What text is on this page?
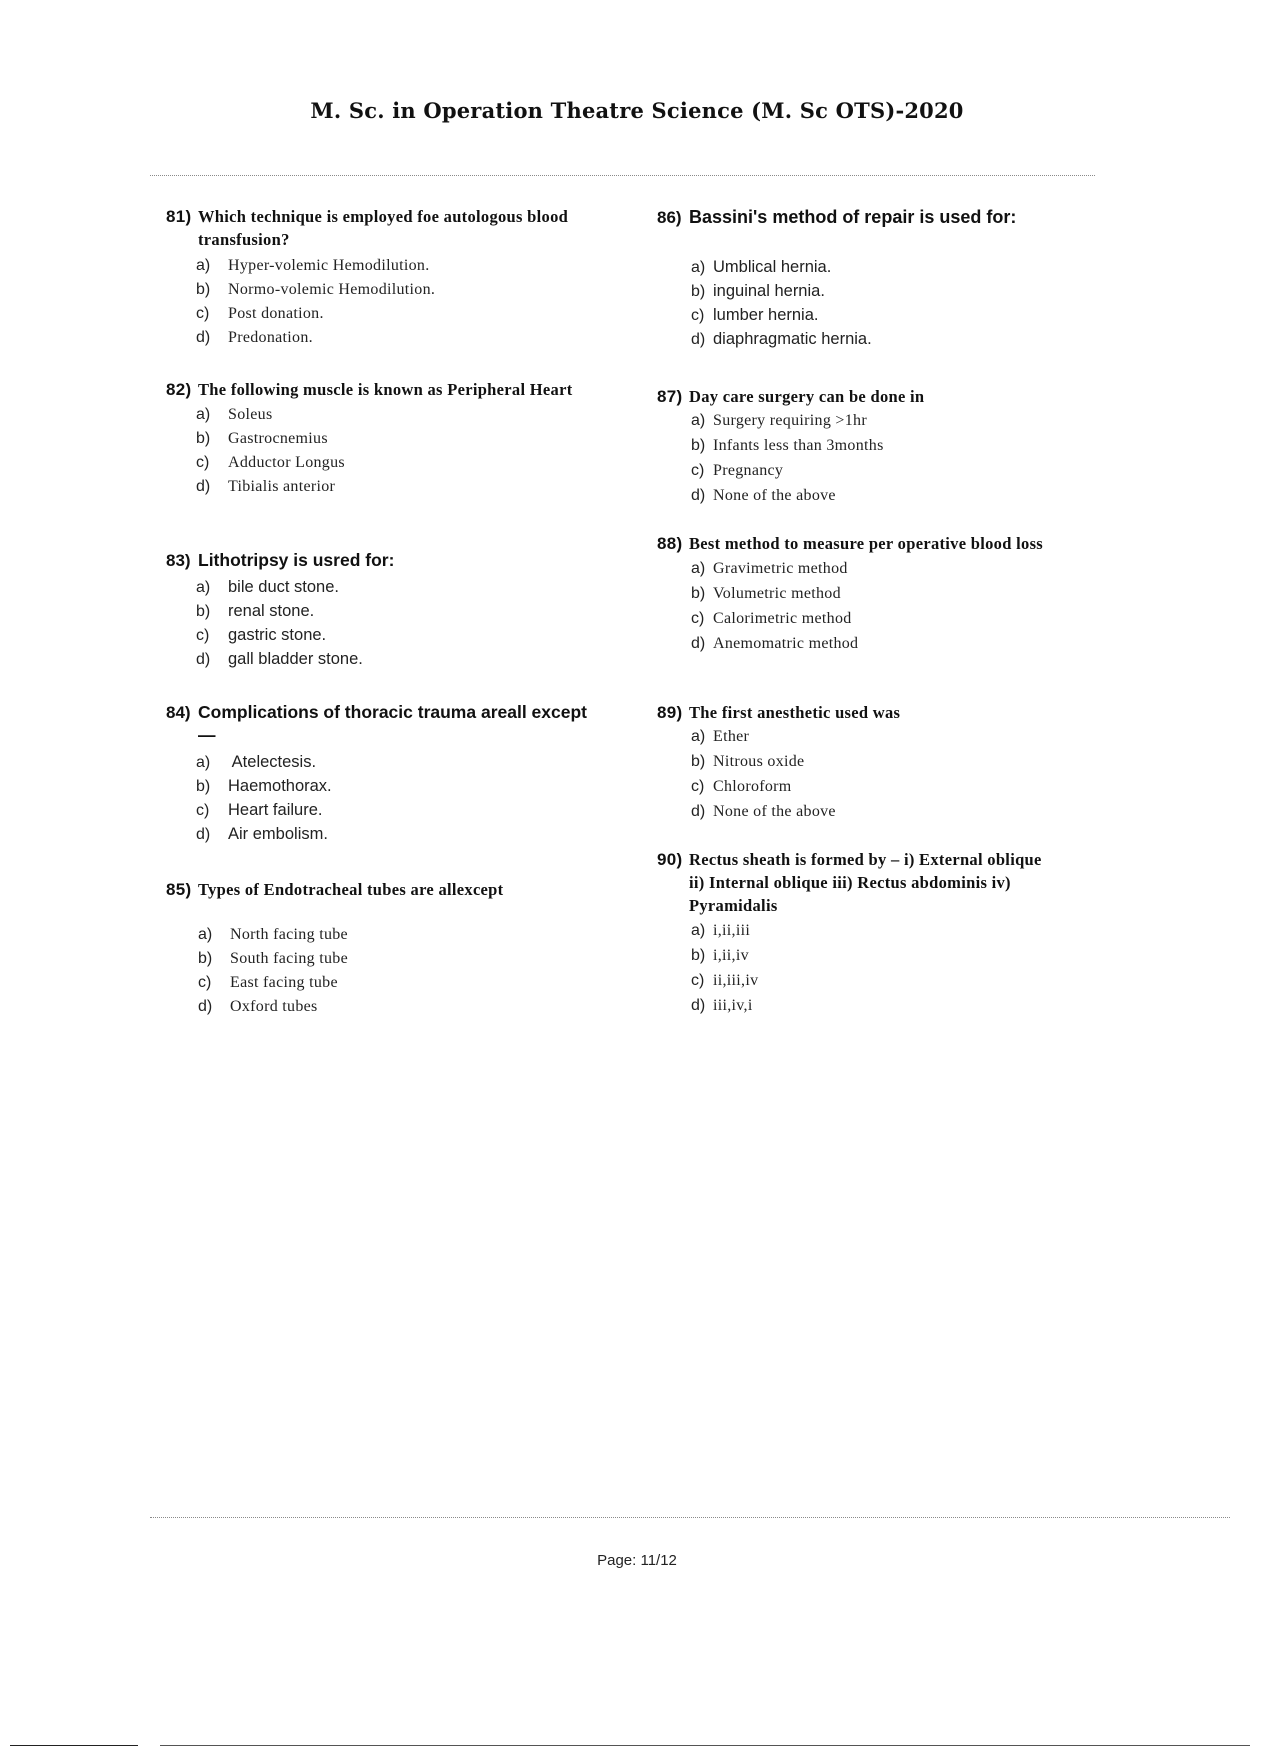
M. Sc. in Operation Theatre Science (M. Sc OTS)-2020
81) Which technique is employed foe autologous blood transfusion?
a) Hyper-volemic Hemodilution.
b) Normo-volemic Hemodilution.
c) Post donation.
d) Predonation.
82) The following muscle is known as Peripheral Heart
a) Soleus
b) Gastrocnemius
c) Adductor Longus
d) Tibialis anterior
83) Lithotripsy is usred for:
a) bile duct stone.
b) renal stone.
c) gastric stone.
d) gall bladder stone.
84) Complications of thoracic trauma areall except—
a) Atelectesis.
b) Haemothorax.
c) Heart failure.
d) Air embolism.
85) Types of Endotracheal tubes are allexcept
a) North facing tube
b) South facing tube
c) East facing tube
d) Oxford tubes
86) Bassini's method of repair is used for:
a) Umblical hernia.
b) inguinal hernia.
c) lumber hernia.
d) diaphragmatic hernia.
87) Day care surgery can be done in
a) Surgery requiring >1hr
b) Infants less than 3months
c) Pregnancy
d) None of the above
88) Best method to measure per operative blood loss
a) Gravimetric method
b) Volumetric method
c) Calorimetric method
d) Anemomatric method
89) The first anesthetic used was
a) Ether
b) Nitrous oxide
c) Chloroform
d) None of the above
90) Rectus sheath is formed by – i) External oblique ii) Internal oblique iii) Rectus abdominis iv) Pyramidalis
a) i,ii,iii
b) i,ii,iv
c) ii,iii,iv
d) iii,iv,i
Page: 11/12
